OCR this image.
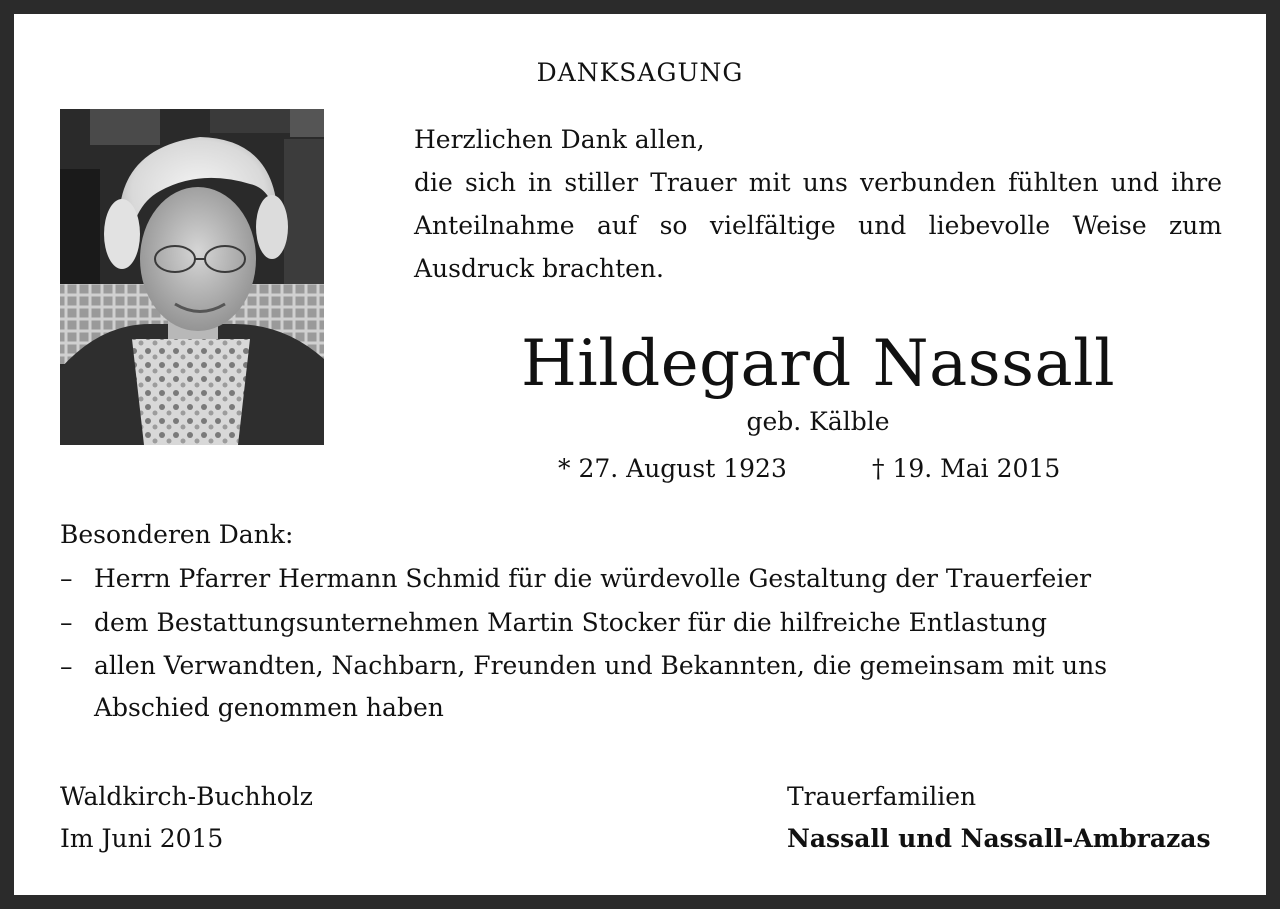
DANKSAGUNG
Herzlichen Dank allen,
die sich in stiller Trauer mit uns verbunden fühlten und ihre
Anteilnahme auf so vielfältige und liebevolle Weise zum
Ausdruck brachten.
Hildegard Nassall
geb. Kälble
* 27. August 1923	† 19. Mai 2015
Besonderen Dank:
– Herrn Pfarrer Hermann Schmid für die würdevolle Gestaltung der Trauerfeier
– dem Bestattungsunternehmen Martin Stocker für die hilfreiche Entlastung
– allen Verwandten, Nachbarn, Freunden und Bekannten, die gemeinsam mit uns
Abschied genommen haben
Waldkirch-Buchholz
Im Juni 2015
Trauerfamilien
Nassall und Nassall-Ambrazas
